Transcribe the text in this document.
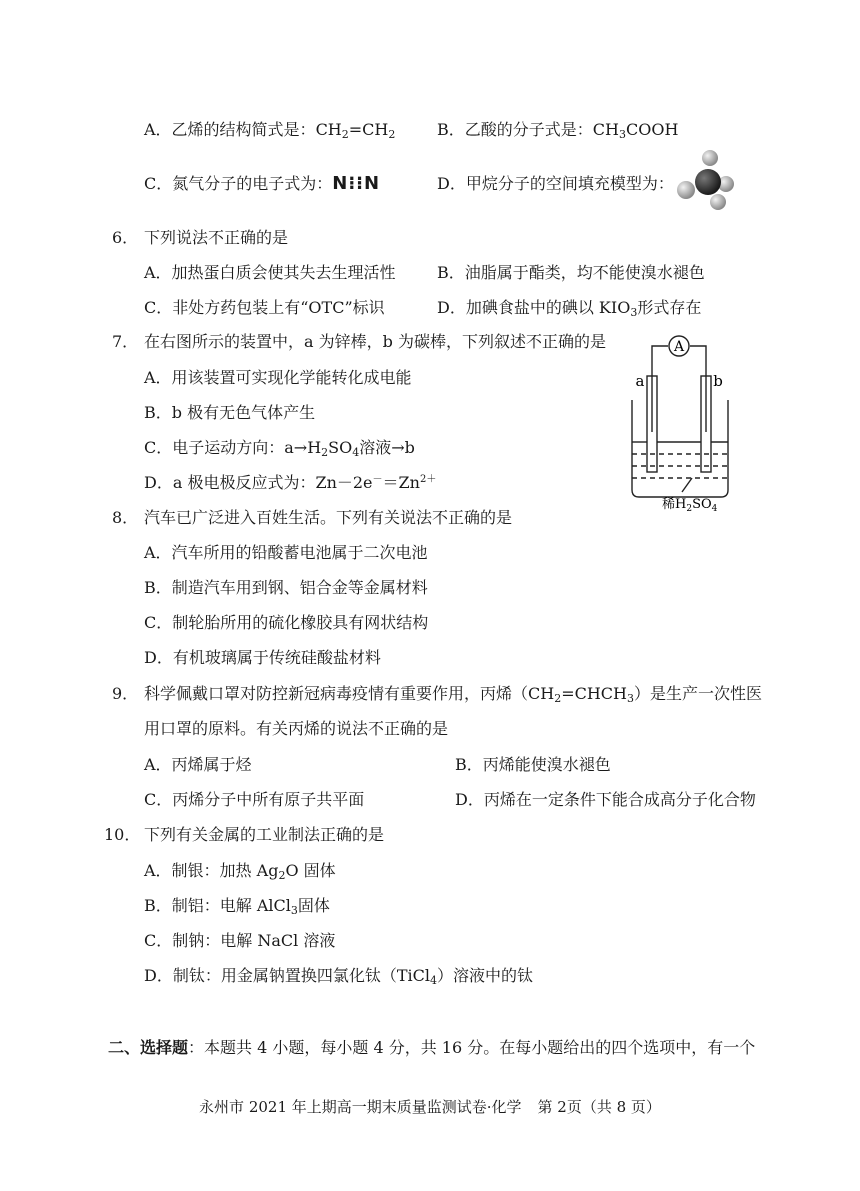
A．乙烯的结构简式是：$CH_2=CH_2$	B．乙酸的分子式是：$CH_3COOH$
C．氮气分子的电子式为：N⁝⁝N	D．甲烷分子的空间填充模型为：
6． 下列说法不正确的是
A．加热蛋白质会使其失去生理活性	B．油脂属于酯类，均不能使溴水褪色
C．非处方药包装上有“OTC”标识	D．加碘食盐中的碘以 $KIO_3$形式存在
7． 在右图所示的装置中，a 为锌棒，b 为碳棒，下列叙述不正确的是
A．用该装置可实现化学能转化成电能
B．b 极有无色气体产生
C．电子运动方向：$a\to H_2SO_4$溶液→b
D．a 极电极反应式为：$Zn-2e^-=Zn^{2+}$
A
a	b
稀$H_2SO_4$
8． 汽车已广泛进入百姓生活。下列有关说法不正确的是
A．汽车所用的铅酸蓄电池属于二次电池
B．制造汽车用到钢、铝合金等金属材料
C．制轮胎所用的硫化橡胶具有网状结构
D．有机玻璃属于传统硅酸盐材料
9． 科学佩戴口罩对防控新冠病毒疫情有重要作用，丙烯$(CH_2=CHCH_3)$是生产一次性医
用口罩的原料。有关丙烯的说法不正确的是
A．丙烯属于烃	B．丙烯能使溴水褪色
C．丙烯分子中所有原子共平面	D．丙烯在一定条件下能合成高分子化合物
10． 下列有关金属的工业制法正确的是
A．制银：加热 $Ag_2O$ 固体
B．制铝：电解 AlCl$_3$固体
C．制钠：电解 NaCl 溶液
D．制钛：用金属钠置换四氯化钛（TiCl$_4$）溶液中的钛
二、选择题：本题共 4 小题，每小题 4 分，共 16 分。在每小题给出的四个选项中，有一个
永州市 2021 年上期高一期末质量监测试卷·化学 第 2页（共 8 页）
